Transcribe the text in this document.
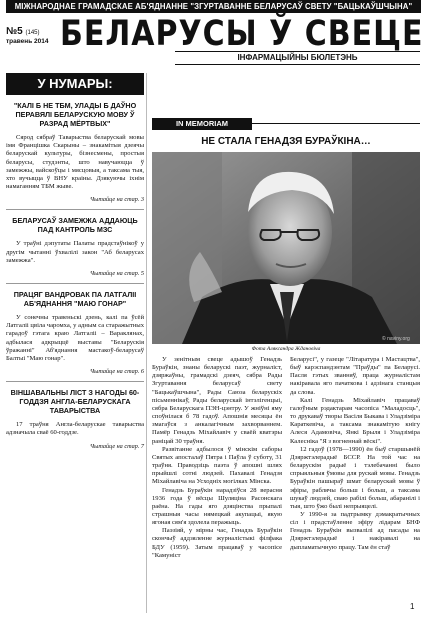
МІЖНАРОДНАЕ ГРАМАДСКАЕ АБ'ЯДНАННЕ "ЗГУРТАВАННЕ БЕЛАРУСАЎ СВЕТУ "БАЦЬКАЎШЧЫНА"
№5 (145)
травень 2014 БЕЛАРУСЫ Ў СВЕЦЕ
ІНФАРМАЦЫЙНЫ БЮЛЕТЭНЬ
У НУМАРЫ:
"КАЛІ Б НЕ ТБМ, УЛАДЫ Б ДАЎНО ПЕРАВЯЛІ БЕЛАРУСКУЮ МОВУ Ў РАЗРАД МЁРТВЫХ"
Сярод сябраў Таварыства беларускай мовы імя Францішка Скарыны – знакамітыя дзеячы беларускай культуры, бізнесмены, простыя беларусы, студэнты, што навучаюцца ў замежжы, вайскоўцы і мясцовыя, а таксама тыя, хто вучыцца ў ВНУ краіны. Дзякуючы іхнім намаганням ТБМ жыве.
Чытайце на стар. 3
БЕЛАРУСАЎ ЗАМЕЖЖА АДДАЮЦЬ ПАД КАНТРОЛЬ МЗС
У траўні дэпутаты Палаты прадстаўнікоў у другім чытанні ўхвалілі закон "Аб беларусах замежжа".
Чытайце на стар. 5
ПРАЦЯГ ВАНДРОВАК ПА ЛАТГАЛІІ АБ'ЯДНАННЯ "МАЮ ГОНАР"
У сонечны травеньскі дзень, калі па ўсёй Латгаліі цвіла чаромха, у адным са старажытных гарадоў гэтага краю Латгаліі – Вараклянах, адбылася адкрыццё выставы "Беларускія ўражанні" Аб'яднання мастакоў-беларусаў Балтыі "Маю гонар".
Чытайце на стар. 6
ВІНШАВАЛЬНЫ ЛІСТ З НАГОДЫ 60-ГОДДЗЯ АНГЛА-БЕЛАРУСКАГА ТАВАРЫСТВА
17 траўня Англа-беларускае таварыства адзначыла сваё 60-годдзе.
Чытайце на стар. 7
IN MEMORIAM
НЕ СТАЛА ГЕНАДЗЯ БУРАЎКІНА…
© naviny.org
Фота Аляксандра Ждановіча

У зенітным свеце адышоў Генадзь Бураўкін, знаны беларускі паэт, журналіст, дзяржаўны, грамадскі дзеяч, сябра Рады Згуртавання беларусаў свету "Бацькаўшчына", Рады Саюза беларускіх пісьменнікаў, Рады беларускай інтэлігенцыі, сябра Беларускага ПЭН-цэнтру. У жніўні яму споўнілася б 78 гадоў. Апошнія месяцы ён змагаўся з анкалагічным захворваннем. Памёр Генадзь Міхайлавіч у сваёй кватэры раніцай 30 траўня.

Развітанне адбылося ў мінскім саборы Святых апосталаў Пятра і Паўла ў суботу, 31 траўня. Праводзіць паэта ў апошні шлях прыйшлі сотні людзей. Пахавалі Генадзя Міхайлавіча на Усходніх могілках Мінска.

Генадзь Бураўкін нарадзіўся 28 верасня 1936 года ў вёсцы Шуляціна Расонскага раёна. На гады яго дзяцінства прыпалі страшныя часы нямецкай акупацыі, якую ягоная сям'я здолела перажыць.

Паэзіяй, у мірны час, Генадзь Бураўкін скончыў аддзяленне журналістыкі філфака БДУ (1959). Затым працаваў у часопісе "Камуніст

Беларусі", у газеце "Літаратура і Мастацтва", быў карэспандэнтам "Праўды" па Беларусі. Пасля гэтых званняў, праца журналістам накіравала яго пачаткова і адзінага станцыя да слова.

Калі Генадзь Міхайлавіч працаваў галоўным рэдактарам часопіса "Маладосць", то друкаваў творы Васіля Быкава і Уладзіміра Караткевіча, а таксама знакамітую кнігу Алеся Адамовіча, Янкі Брыля і Уладзіміра Калесніка "Я з вогненнай вёскі".

12 гадоў (1978—1990) ён быў старшынёй Дзяржтэлерадыё БССР. На той час на беларускім радыё і тэлебачанні было спрыяльныя ўмовы для рускай мовы. Генадзь Бураўкін пашыраў шмат беларускай мовы ў эфіры, раблячы больш і больш, а таксама шукаў людзей, сваю рабілі больш, абаранілі і тыя, што ўжо былі непрыяцелі.

У 1990-я за падтрымку дэмакратычных сіл і прадстаўленне эфіру лідарам БНФ Генадзь Бураўкін вызвалілі ад пасады на Дзяржтэлерадыё і накіравалі на дыпламатычную працу. Там ён стаў

1
